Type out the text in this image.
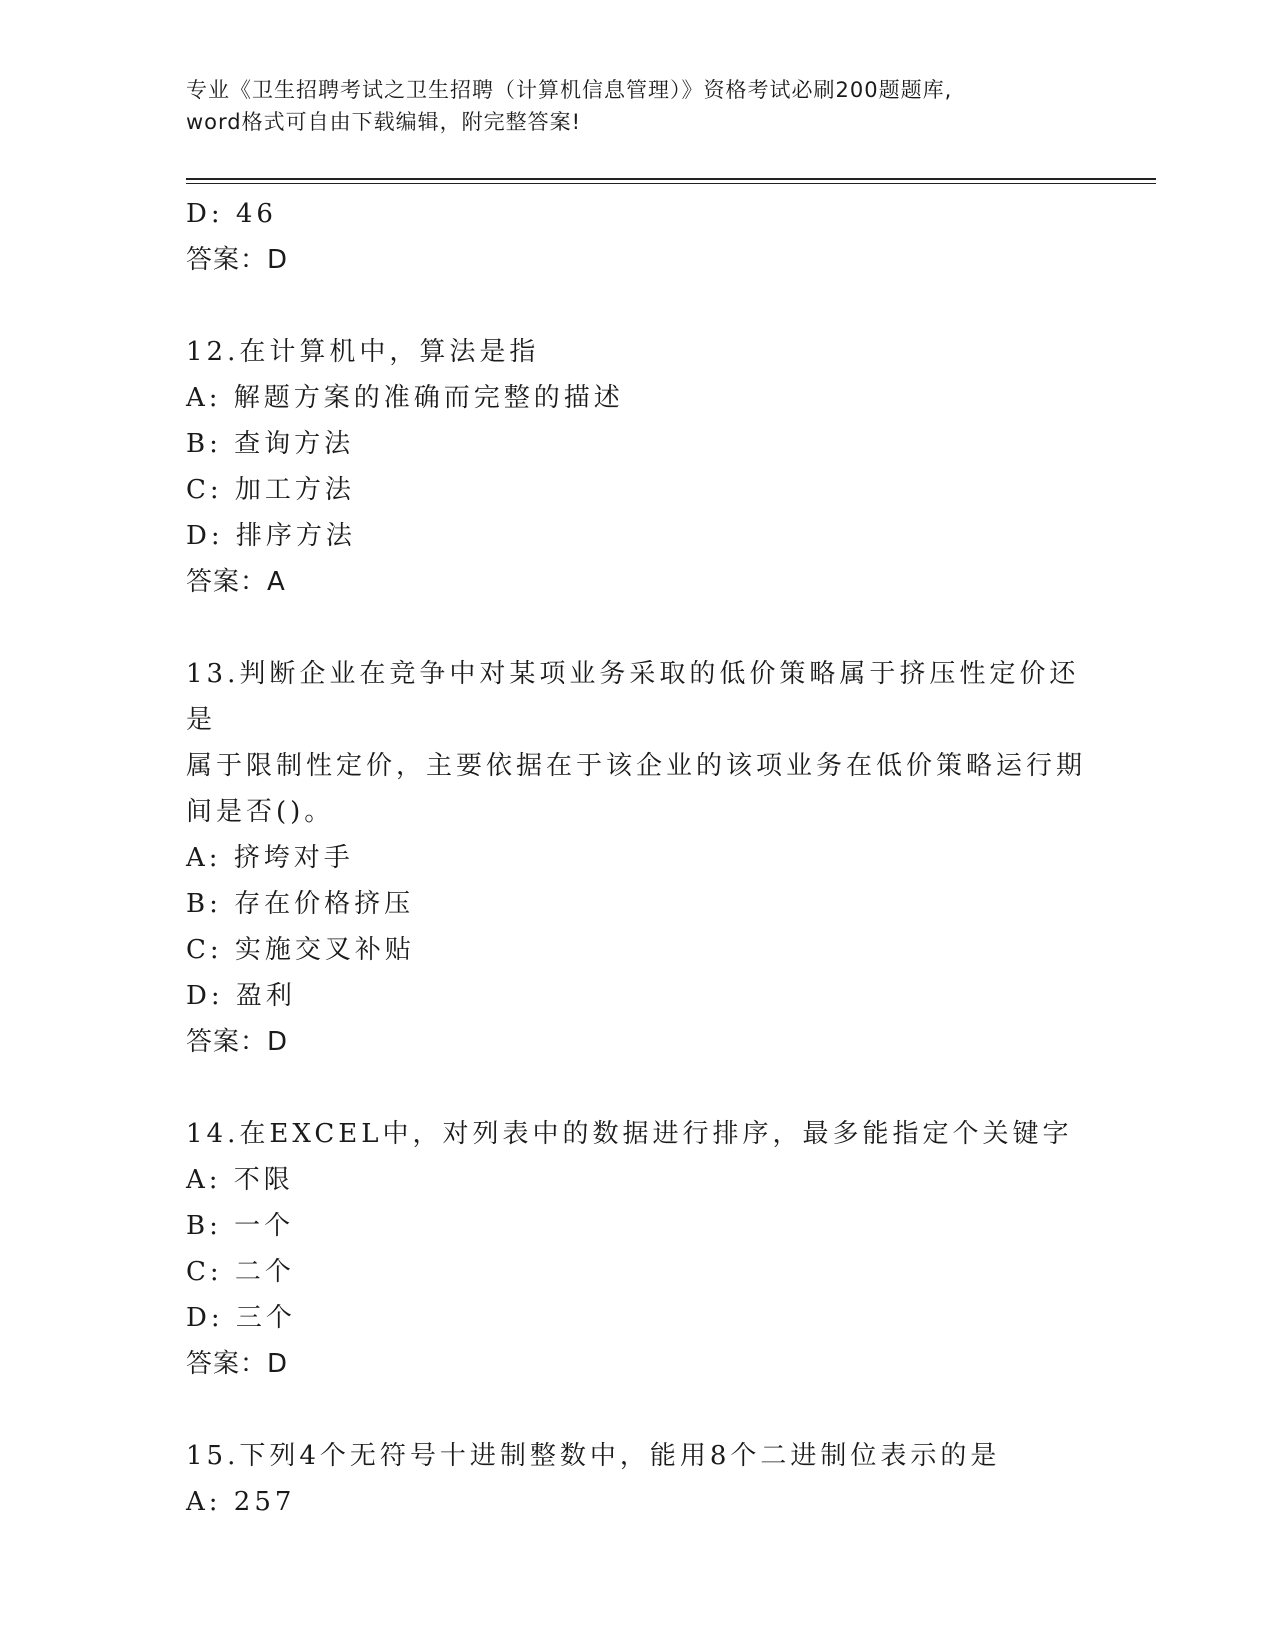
专业《卫生招聘考试之卫生招聘（计算机信息管理）》资格考试必刷200题题库,
word格式可自由下载编辑，附完整答案!
D: 46
答案：D
12.在计算机中，算法是指
A: 解题方案的准确而完整的描述
B: 查询方法
C: 加工方法
D: 排序方法
答案：A
13.判断企业在竞争中对某项业务采取的低价策略属于挤压性定价还是
属于限制性定价，主要依据在于该企业的该项业务在低价策略运行期
间是否()。
A: 挤垮对手
B: 存在价格挤压
C: 实施交叉补贴
D: 盈利
答案：D
14.在EXCEL中，对列表中的数据进行排序，最多能指定个关键字
A: 不限
B: 一个
C: 二个
D: 三个
答案：D
15.下列4个无符号十进制整数中，能用8个二进制位表示的是
A: 257
